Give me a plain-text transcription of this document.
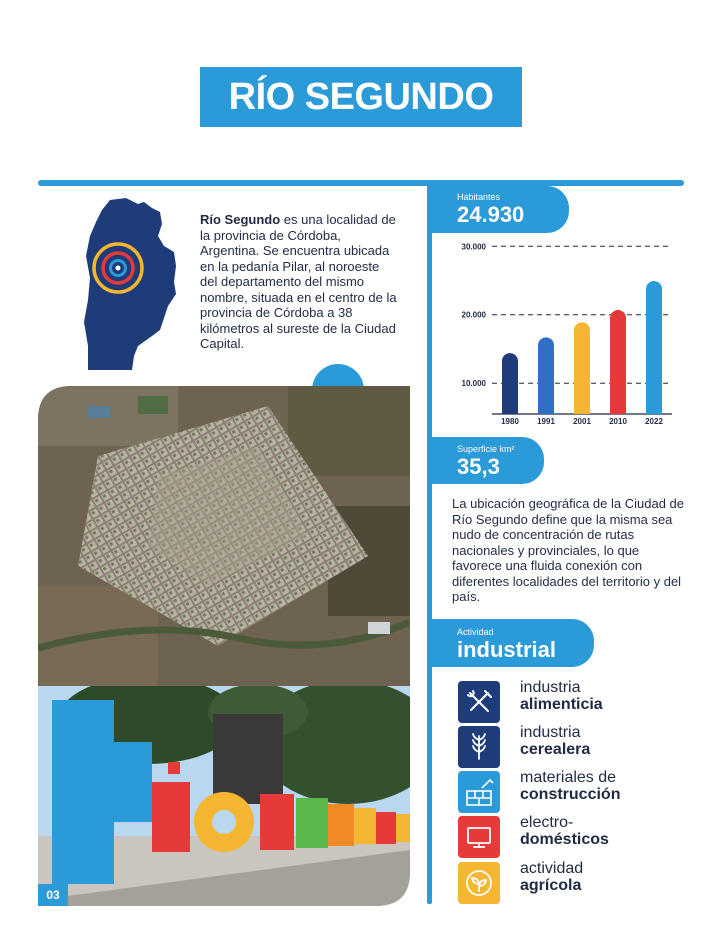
RÍO SEGUNDO
Río Segundo es una localidad de la provincia de Córdoba, Argentina. Se encuentra ubicada en la pedanía Pilar, al noroeste del departamento del mismo nombre, situada en el centro de la provincia de Córdoba a 38 kilómetros al sureste de la Ciudad Capital.
03
Habitantes
24.930
10.000
20.000
30.000
1980 1991 2001 2010 2022
Superficie km²
35,3
La ubicación geográfica de la Ciudad de Río Segundo define que la misma sea nudo de concentración de rutas nacionales y provinciales, lo que favorece una fluida conexión con diferentes localidades del territorio y del país.
Actividad
industrial
industria
alimenticia
industria
cerealera
materiales de
construcción
electro-
domésticos
actividad
agrícola
